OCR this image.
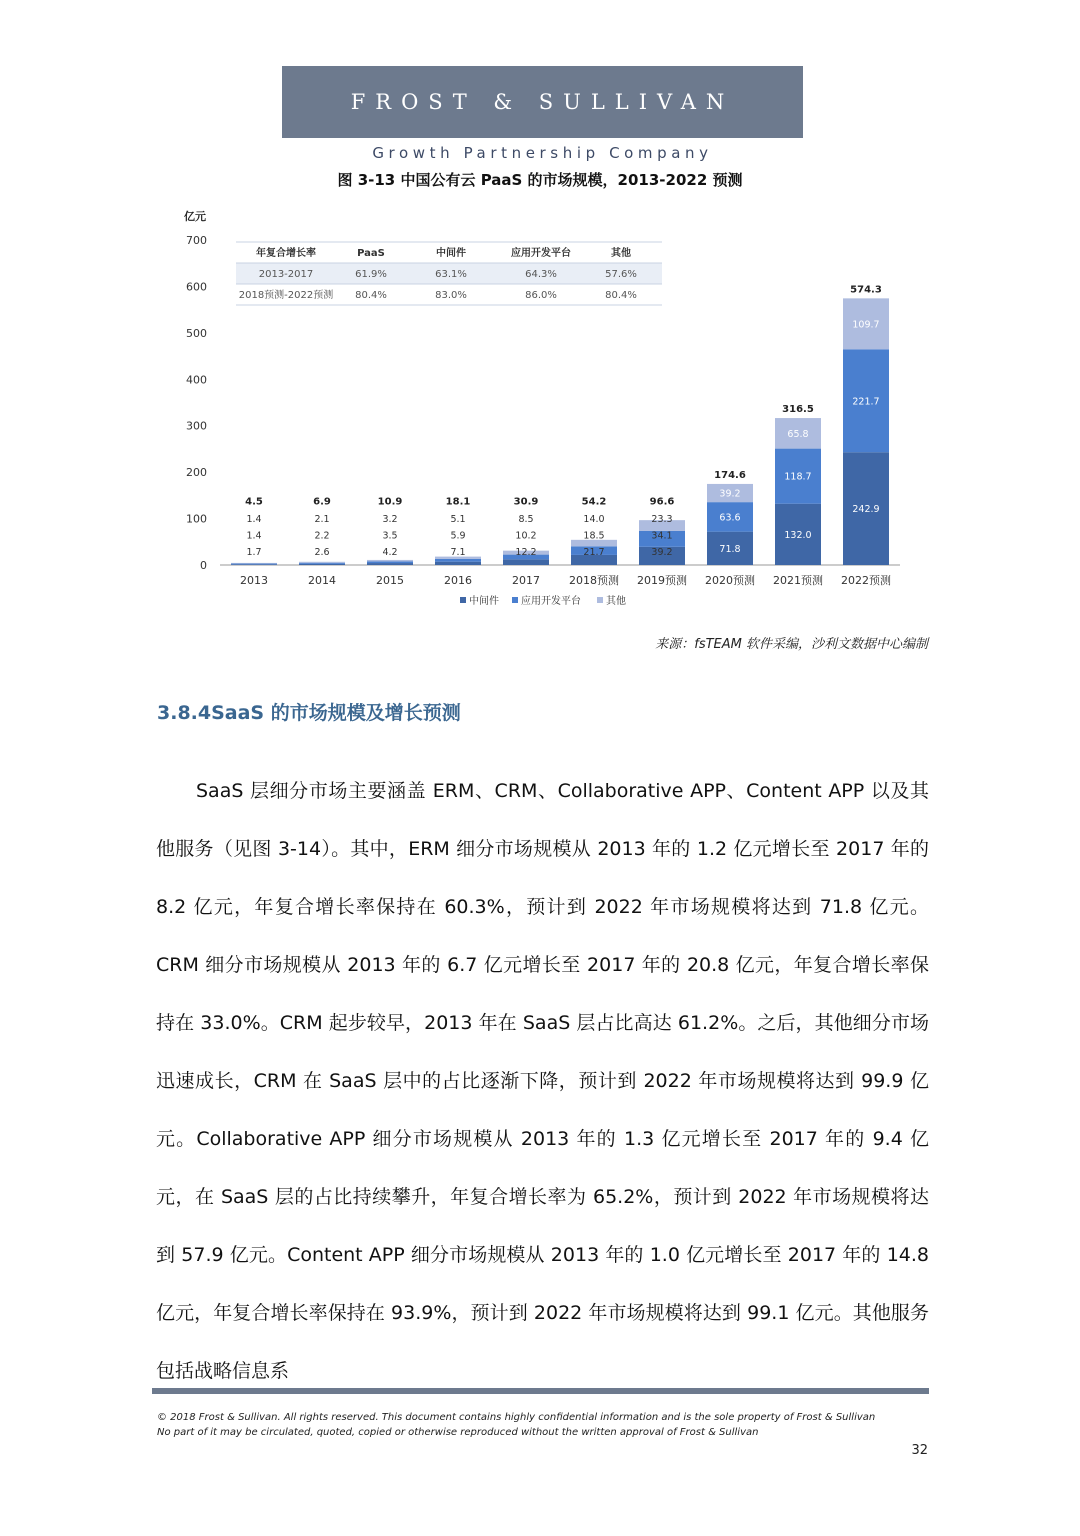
FROST & SULLIVAN
Growth Partnership Company
图 3-13 中国公有云 PaaS 的市场规模，2013-2022 预测
亿元
0
100
200
300
400
500
600
700
2013
1.7
1.4
1.4
4.5
2014
2.6
2.2
2.1
6.9
2015
4.2
3.5
3.2
10.9
2016
7.1
5.9
5.1
18.1
2017
12.2
10.2
8.5
30.9
2018预测
21.7
18.5
14.0
54.2
2019预测
39.2
34.1
23.3
96.6
2020预测
71.8
63.6
39.2
174.6
2021预测
132.0
118.7
65.8
316.5
2022预测
242.9
221.7
109.7
574.3
年复合增长率	PaaS	中间件	应用开发平台	其他
2013-2017	61.9%	63.1%	64.3%	57.6%
2018预测-2022预测 80.4%	83.0%	86.0%	80.4%
中间件 应用开发平台	其他
来源：fsTEAM 软件采编，沙利文数据中心编制
3.8.4SaaS 的市场规模及增长预测
SaaS 层细分市场主要涵盖 ERM、CRM、Collaborative APP、Content APP 以及其他服务（见图 3-14）。其中，ERM 细分市场规模从 2013 年的 1.2 亿元增长至 2017 年的 8.2 亿元，年复合增长率保持在 60.3%，预计到 2022 年市场规模将达到 71.8 亿元。CRM 细分市场规模从 2013 年的 6.7 亿元增长至 2017 年的 20.8 亿元，年复合增长率保持在 33.0%。CRM 起步较早，2013 年在 SaaS 层占比高达 61.2%。之后，其他细分市场迅速成长，CRM 在 SaaS 层中的占比逐渐下降，预计到 2022 年市场规模将达到 99.9 亿元。Collaborative APP 细分市场规模从 2013 年的 1.3 亿元增长至 2017 年的 9.4 亿元，在 SaaS 层的占比持续攀升，年复合增长率为 65.2%，预计到 2022 年市场规模将达到 57.9 亿元。Content APP 细分市场规模从 2013 年的 1.0 亿元增长至 2017 年的 14.8 亿元，年复合增长率保持在 93.9%，预计到 2022 年市场规模将达到 99.1 亿元。其他服务包括战略信息系
© 2018 Frost & Sullivan. All rights reserved. This document contains highly confidential information and is the sole property of Frost & Sullivan
No part of it may be circulated, quoted, copied or otherwise reproduced without the written approval of Frost & Sullivan
32
